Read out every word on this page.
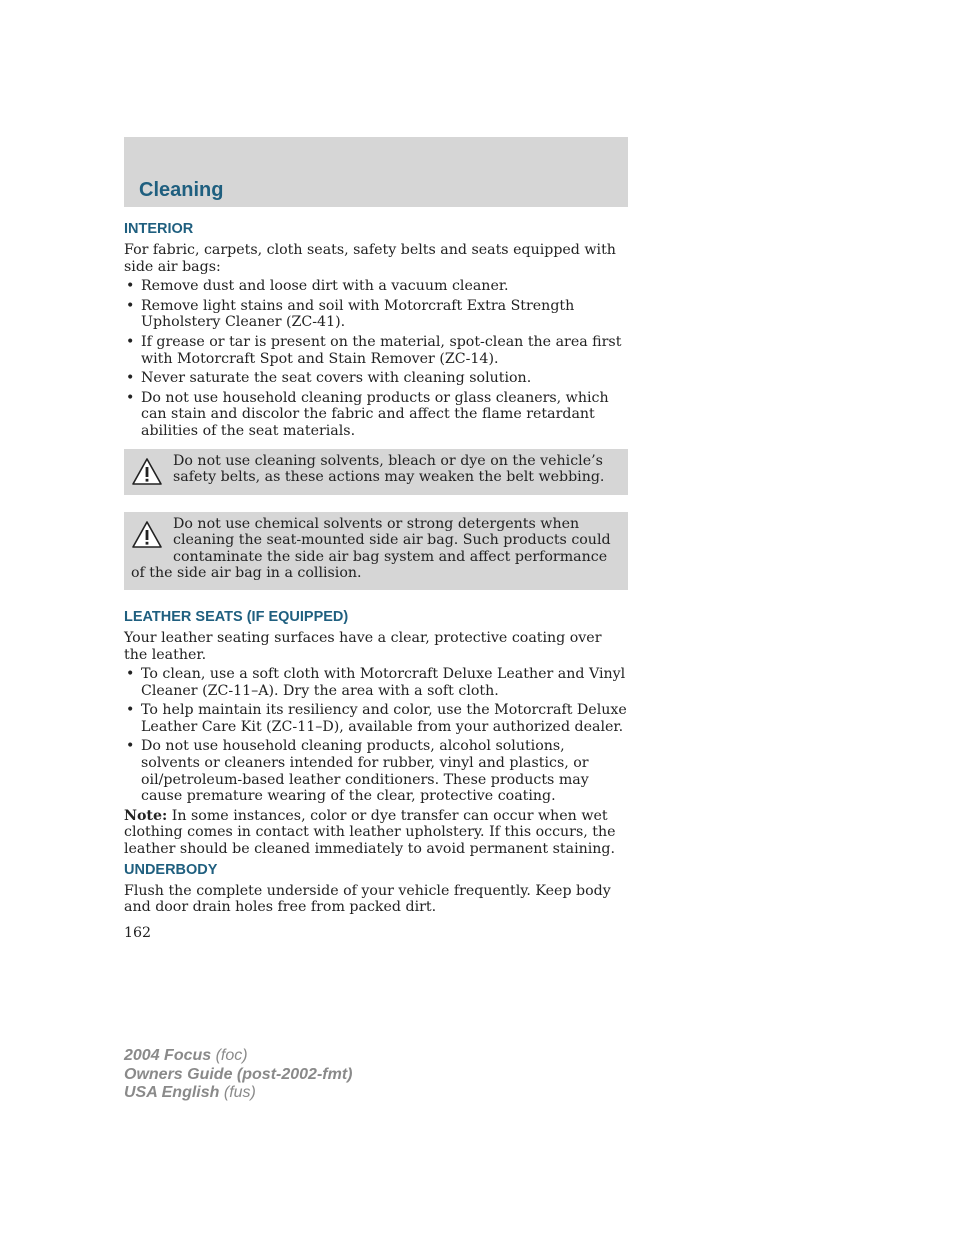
Cleaning
INTERIOR

For fabric, carpets, cloth seats, safety belts and seats equipped with side air bags:

• Remove dust and loose dirt with a vacuum cleaner.
• Remove light stains and soil with Motorcraft Extra Strength Upholstery Cleaner (ZC-41).
• If grease or tar is present on the material, spot-clean the area first with Motorcraft Spot and Stain Remover (ZC-14).
• Never saturate the seat covers with cleaning solution.
• Do not use household cleaning products or glass cleaners, which can stain and discolor the fabric and affect the flame retardant abilities of the seat materials.
Do not use cleaning solvents, bleach or dye on the vehicle’s safety belts, as these actions may weaken the belt webbing.
Do not use chemical solvents or strong detergents when cleaning the seat-mounted side air bag. Such products could contaminate the side air bag system and affect performance of the side air bag in a collision.
LEATHER SEATS (IF EQUIPPED)

Your leather seating surfaces have a clear, protective coating over the leather.

• To clean, use a soft cloth with Motorcraft Deluxe Leather and Vinyl Cleaner (ZC-11–A). Dry the area with a soft cloth.
• To help maintain its resiliency and color, use the Motorcraft Deluxe Leather Care Kit (ZC-11–D), available from your authorized dealer.
• Do not use household cleaning products, alcohol solutions, solvents or cleaners intended for rubber, vinyl and plastics, or oil/petroleum-based leather conditioners. These products may cause premature wearing of the clear, protective coating.

Note: In some instances, color or dye transfer can occur when wet clothing comes in contact with leather upholstery. If this occurs, the leather should be cleaned immediately to avoid permanent staining.

UNDERBODY

Flush the complete underside of your vehicle frequently. Keep body and door drain holes free from packed dirt.

162
2004 Focus (foc)
Owners Guide (post-2002-fmt)
USA English (fus)
